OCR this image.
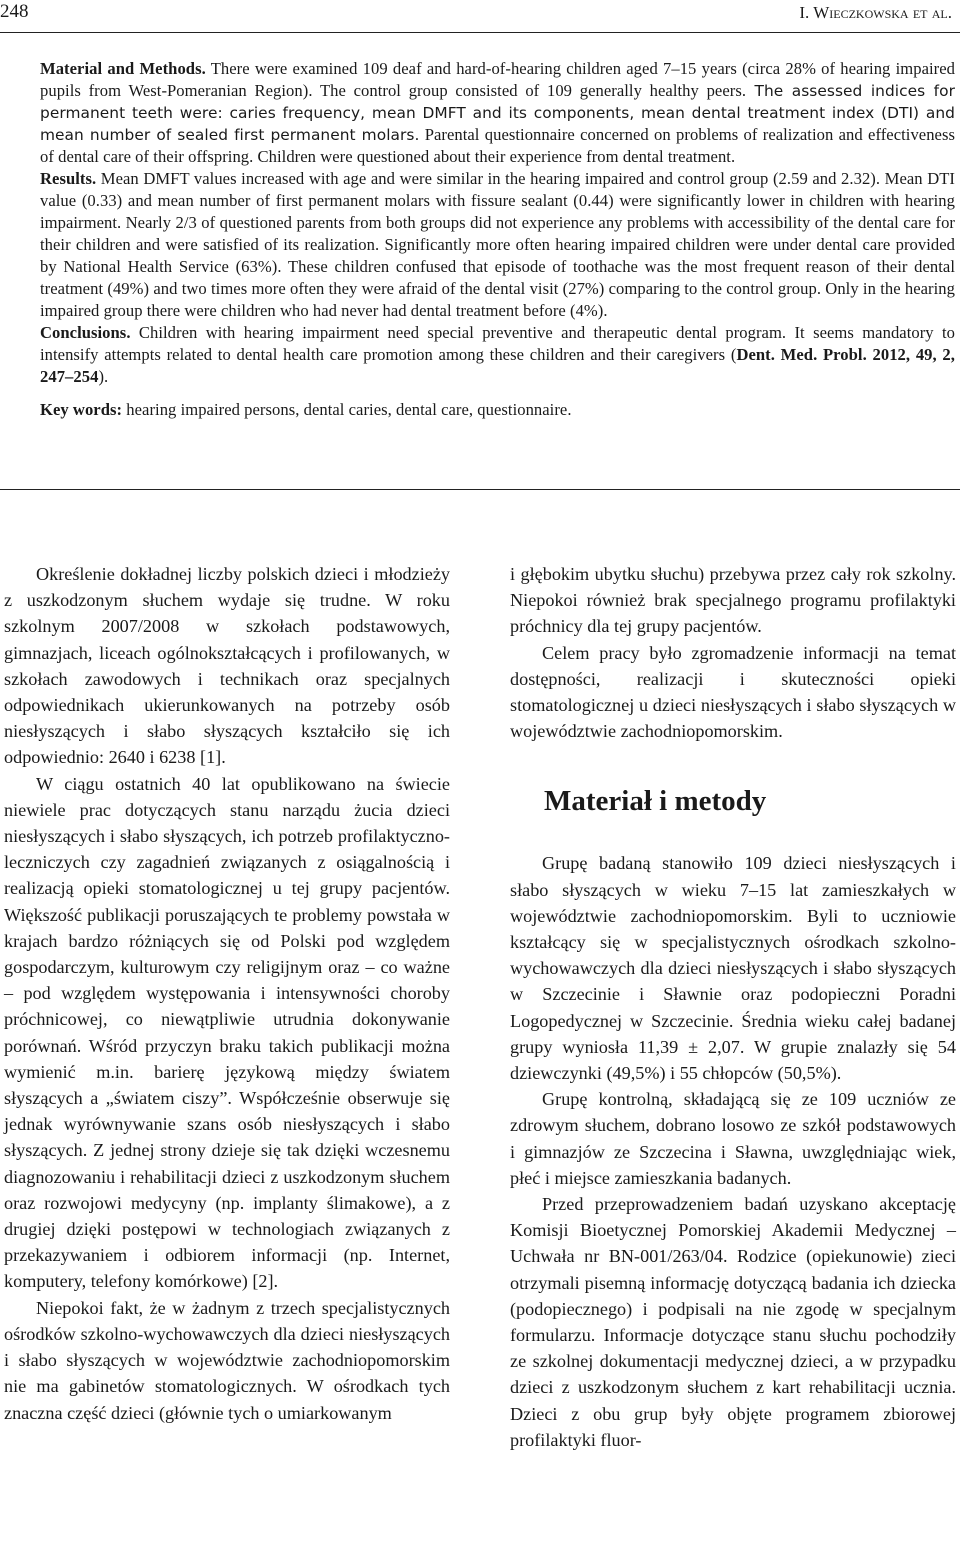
248	I. Wieczkowska et al.

Material and Methods. There were examined 109 deaf and hard-of-hearing children aged 7–15 years (circa 28% of hearing impaired pupils from West-Pomeranian Region). The control group consisted of 109 generally healthy peers. The assessed indices for permanent teeth were: caries frequency, mean DMFT and its components, mean dental treatment index (DTI) and mean number of sealed first permanent molars. Parental questionnaire concerned on problems of realization and effectiveness of dental care of their offspring. Children were questioned about their experience from dental treatment.

Results. Mean DMFT values increased with age and were similar in the hearing impaired and control group (2.59 and 2.32). Mean DTI value (0.33) and mean number of first permanent molars with fissure sealant (0.44) were significantly lower in children with hearing impairment. Nearly 2/3 of questioned parents from both groups did not experience any problems with accessibility of the dental care for their children and were satisfied of its realization. Significantly more often hearing impaired children were under dental care provided by National Health Service (63%). These children confused that episode of toothache was the most frequent reason of their dental treatment (49%) and two times more often they were afraid of the dental visit (27%) comparing to the control group. Only in the hearing impaired group there were children who had never had dental treatment before (4%).

Conclusions. Children with hearing impairment need special preventive and therapeutic dental program. It seems mandatory to intensify attempts related to dental health care promotion among these children and their caregivers (Dent. Med. Probl. 2012, 49, 2, 247–254).

Key words: hearing impaired persons, dental caries, dental care, questionnaire.

Określenie dokładnej liczby polskich dzieci i młodzieży z uszkodzonym słuchem wydaje się trudne. W roku szkolnym 2007/2008 w szkołach podstawowych, gimnazjach, liceach ogólnokształcących i profilowanych, w szkołach zawodowych i technikach oraz specjalnych odpowiednikach ukierunkowanych na potrzeby osób niesłyszących i słabo słyszących kształciło się ich odpowiednio: 2640 i 6238 [1].

W ciągu ostatnich 40 lat opublikowano na świecie niewiele prac dotyczących stanu narządu żucia dzieci niesłyszących i słabo słyszących, ich potrzeb profilaktyczno-leczniczych czy zagadnień związanych z osiągalnością i realizacją opieki stomatologicznej u tej grupy pacjentów. Większość publikacji poruszających te problemy powstała w krajach bardzo różniących się od Polski pod względem gospodarczym, kulturowym czy religijnym oraz – co ważne – pod względem występowania i intensywności choroby próchnicowej, co niewątpliwie utrudnia dokonywanie porównań. Wśród przyczyn braku takich publikacji można wymienić m.in. barierę językową między światem słyszących a „światem ciszy”. Współcześnie obserwuje się jednak wyrównywanie szans osób niesłyszących i słabo słyszących. Z jednej strony dzieje się tak dzięki wczesnemu diagnozowaniu i rehabilitacji dzieci z uszkodzonym słuchem oraz rozwojowi medycyny (np. implanty ślimakowe), a z drugiej dzięki postępowi w technologiach związanych z przekazywaniem i odbiorem informacji (np. Internet, komputery, telefony komórkowe) [2].

Niepokoi fakt, że w żadnym z trzech specjalistycznych ośrodków szkolno-wychowawczych dla dzieci niesłyszących i słabo słyszących w województwie zachodniopomorskim nie ma gabinetów stomatologicznych. W ośrodkach tych znaczna część dzieci (głównie tych o umiarkowanym

i głębokim ubytku słuchu) przebywa przez cały rok szkolny. Niepokoi również brak specjalnego programu profilaktyki próchnicy dla tej grupy pacjentów.

Celem pracy było zgromadzenie informacji na temat dostępności, realizacji i skuteczności opieki stomatologicznej u dzieci niesłyszących i słabo słyszących w województwie zachodniopomorskim.

Materiał i metody

Grupę badaną stanowiło 109 dzieci niesłyszących i słabo słyszących w wieku 7–15 lat zamieszkałych w województwie zachodniopomorskim. Byli to uczniowie kształcący się w specjalistycznych ośrodkach szkolno-wychowawczych dla dzieci niesłyszących i słabo słyszących w Szczecinie i Sławnie oraz podopieczni Poradni Logopedycznej w Szczecinie. Średnia wieku całej badanej grupy wyniosła 11,39 ± 2,07. W grupie znalazły się 54 dziewczynki (49,5%) i 55 chłopców (50,5%).

Grupę kontrolną, składającą się ze 109 uczniów ze zdrowym słuchem, dobrano losowo ze szkół podstawowych i gimnazjów ze Szczecina i Sławna, uwzględniając wiek, płeć i miejsce zamieszkania badanych.

Przed przeprowadzeniem badań uzyskano akceptację Komisji Bioetycznej Pomorskiej Akademii Medycznej – Uchwała nr BN-001/263/04. Rodzice (opiekunowie) zieci otrzymali pisemną informację dotyczącą badania ich dziecka (podopiecznego) i podpisali na nie zgodę w specjalnym formularzu. Informacje dotyczące stanu słuchu pochodziły ze szkolnej dokumentacji medycznej dzieci, a w przypadku dzieci z uszkodzonym słuchem z kart rehabilitacji ucznia. Dzieci z obu grup były objęte programem zbiorowej profilaktyki fluor-
